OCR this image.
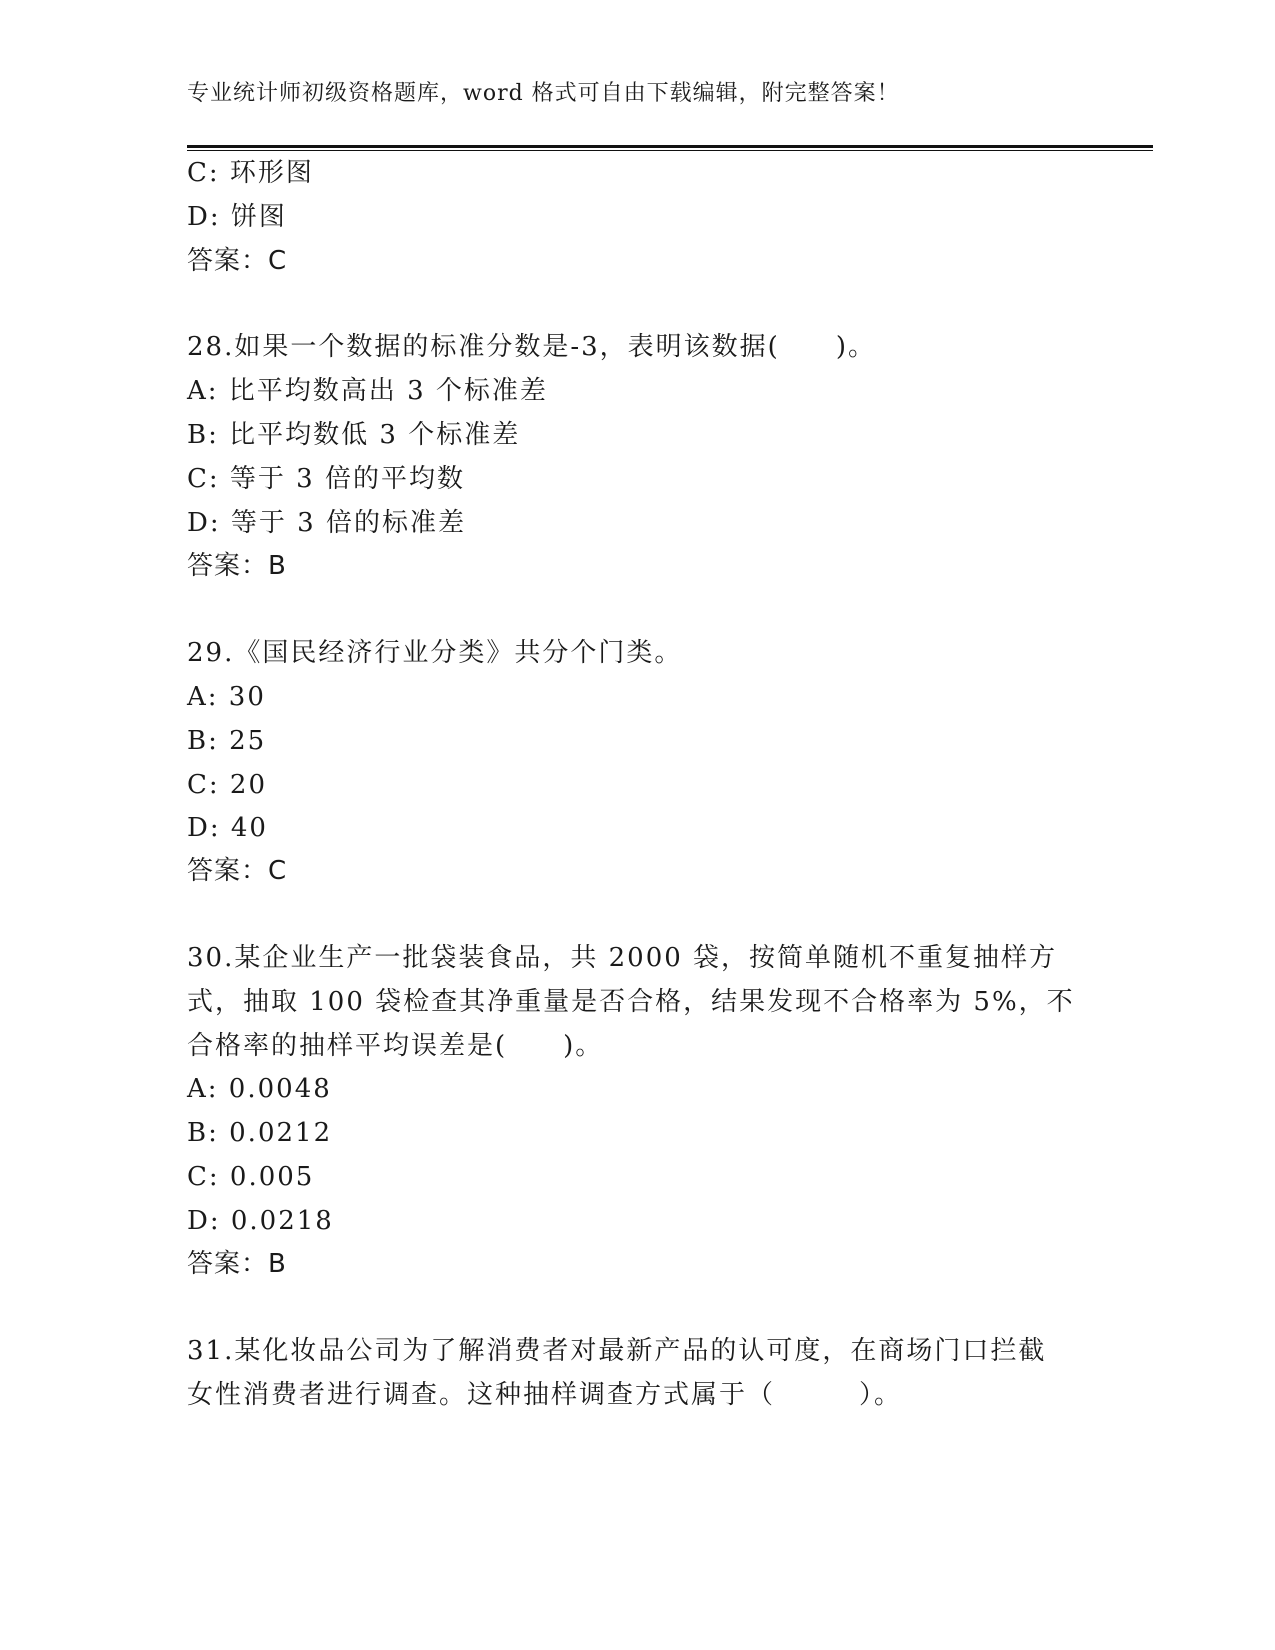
专业统计师初级资格题库，word 格式可自由下载编辑，附完整答案！
C: 环形图
D: 饼图
答案：C
28.如果一个数据的标准分数是-3，表明该数据(　　)。
A: 比平均数高出 3 个标准差
B: 比平均数低 3 个标准差
C: 等于 3 倍的平均数
D: 等于 3 倍的标准差
答案：B
29.《国民经济行业分类》共分个门类。
A: 30
B: 25
C: 20
D: 40
答案：C
30.某企业生产一批袋装食品，共 2000 袋，按简单随机不重复抽样方
式，抽取 100 袋检查其净重量是否合格，结果发现不合格率为 5%，不
合格率的抽样平均误差是(　　)。
A: 0.0048
B: 0.0212
C: 0.005
D: 0.0218
答案：B
31.某化妆品公司为了解消费者对最新产品的认可度，在商场门口拦截
女性消费者进行调查。这种抽样调查方式属于（　　　）。
